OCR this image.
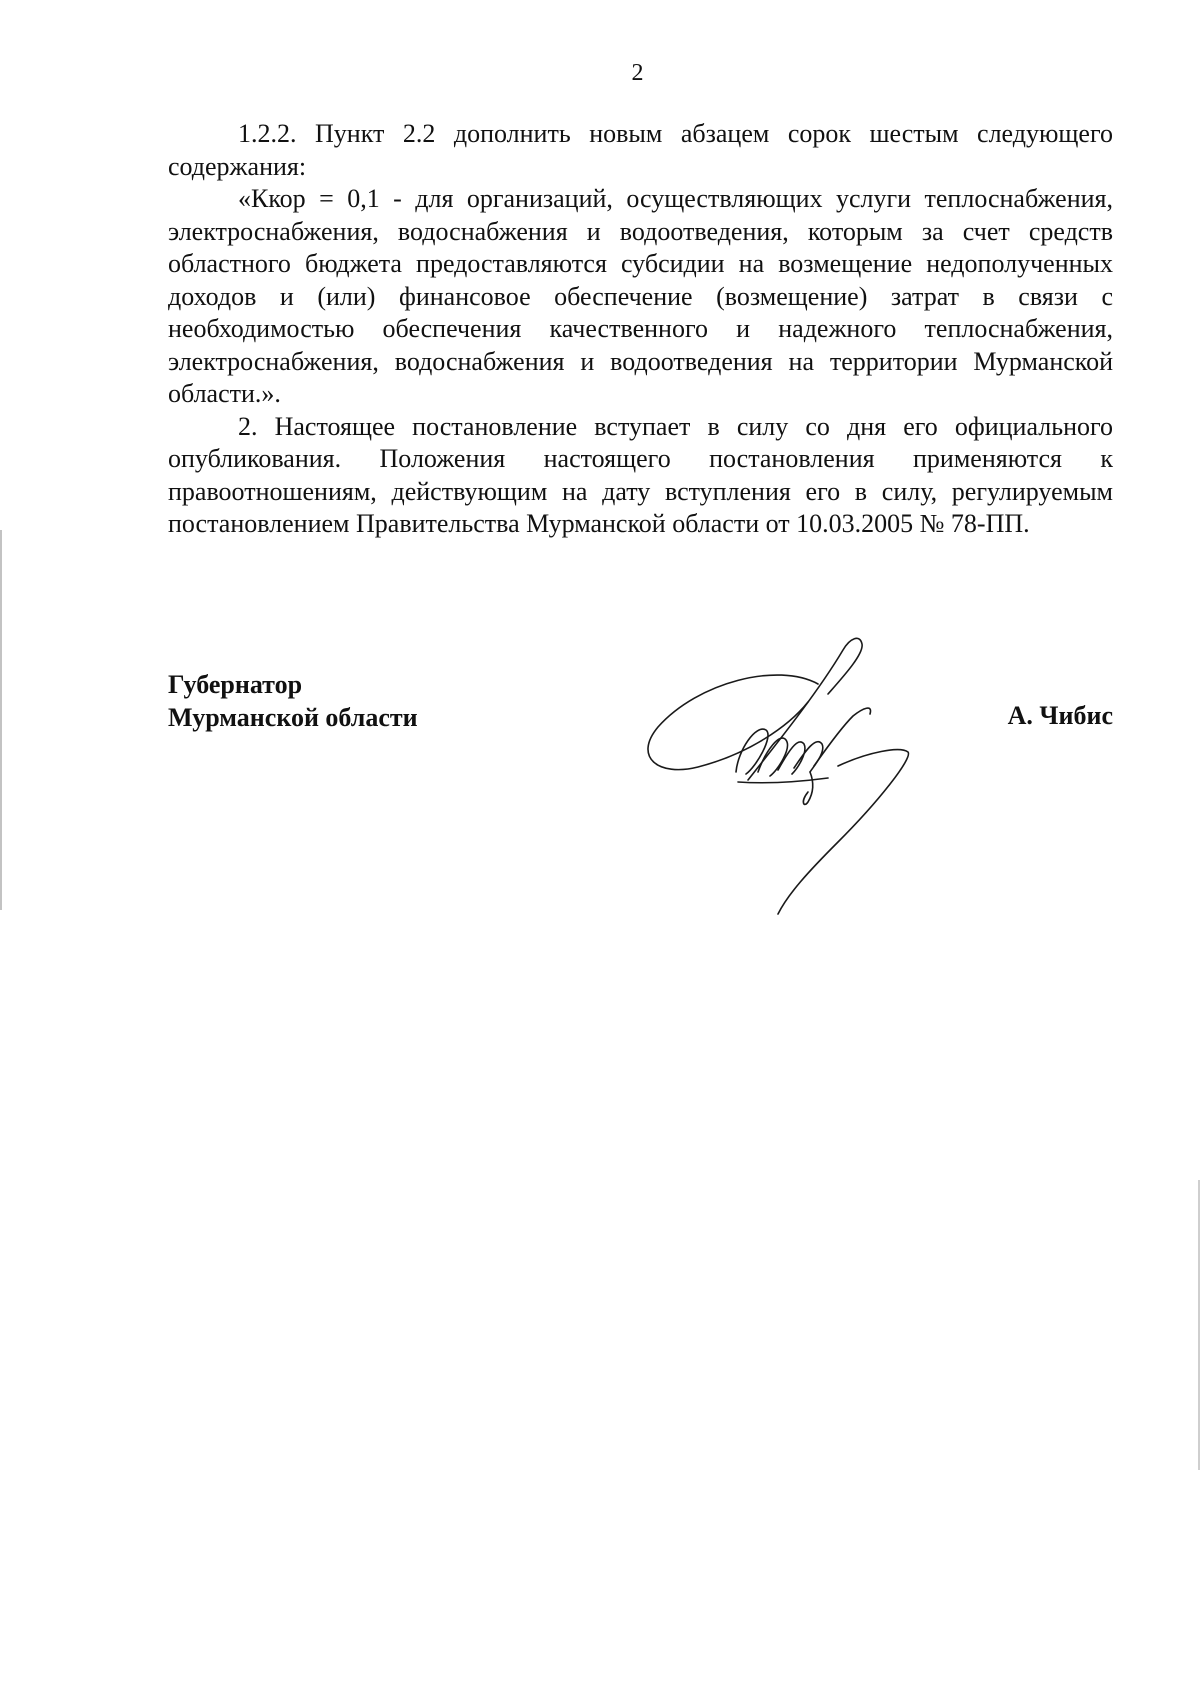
2

1.2.2. Пункт 2.2 дополнить новым абзацем сорок шестым следующего содержания:

«Ккор = 0,1 - для организаций, осуществляющих услуги теплоснабжения, электроснабжения, водоснабжения и водоотведения, которым за счет средств областного бюджета предоставляются субсидии на возмещение недополученных доходов и (или) финансовое обеспечение (возмещение) затрат в связи с необходимостью обеспечения качественного и надежного теплоснабжения, электроснабжения, водоснабжения и водоотведения на территории Мурманской области.».

2. Настоящее постановление вступает в силу со дня его официального опубликования. Положения настоящего постановления применяются к правоотношениям, действующим на дату вступления его в силу, регулируемым постановлением Правительства Мурманской области от 10.03.2005 № 78-ПП.

Губернатор
Мурманской области	А. Чибис
